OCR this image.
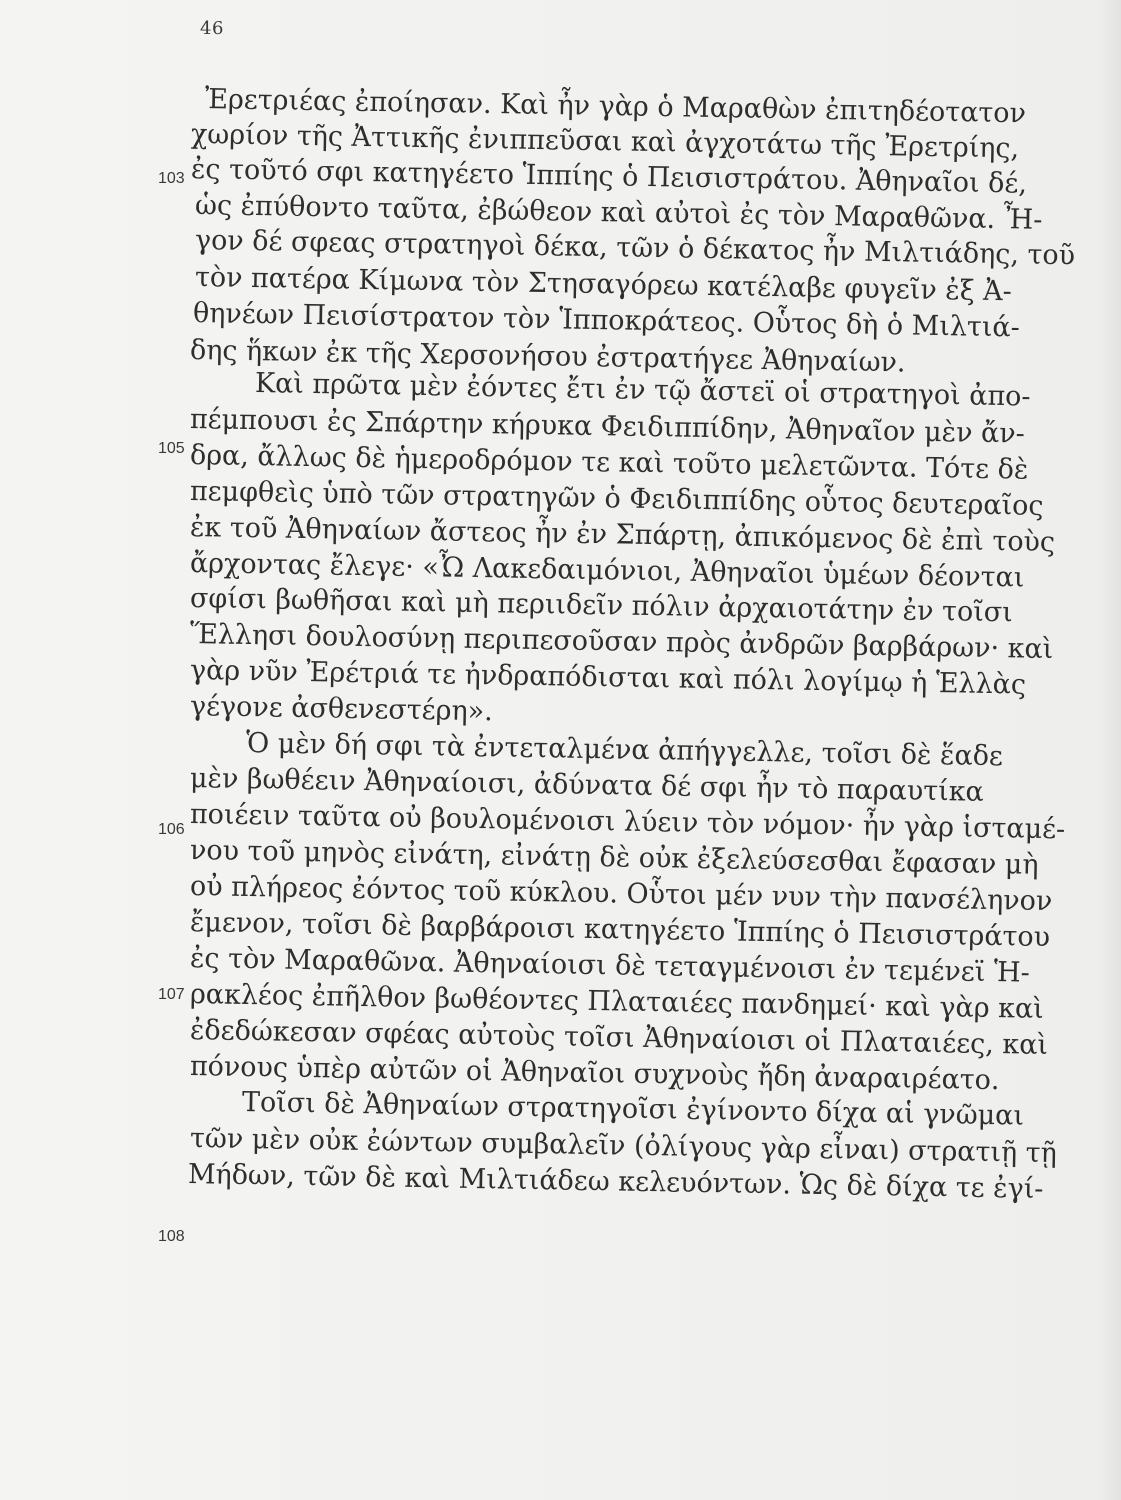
46
103
105
106
107
108
Ἐρετριέας ἐποίησαν. Καὶ ἦν γὰρ ὁ Μαραθὼν ἐπιτηδέοτατον
χωρίον τῆς Ἀττικῆς ἐνιππεῦσαι καὶ ἀγχοτάτω τῆς Ἐρετρίης,
ἐς τοῦτό σφι κατηγέετο Ἱππίης ὁ Πεισιστράτου. Ἀθηναῖοι δέ,
ὡς ἐπύθοντο ταῦτα, ἐβώθεον καὶ αὐτοὶ ἐς τὸν Μαραθῶνα. Ἦ-
γον δέ σφεας στρατηγοὶ δέκα, τῶν ὁ δέκατος ἦν Μιλτιάδης, τοῦ
τὸν πατέρα Κίμωνα τὸν Στησαγόρεω κατέλαβε φυγεῖν ἐξ Ἀ-
θηνέων Πεισίστρατον τὸν Ἱπποκράτεος. Οὗτος δὴ ὁ Μιλτιά-
δης ἥκων ἐκ τῆς Χερσονήσου ἐστρατήγεε Ἀθηναίων.
Καὶ πρῶτα μὲν ἐόντες ἔτι ἐν τῷ ἄστεϊ οἱ στρατηγοὶ ἀπο-
πέμπουσι ἐς Σπάρτην κήρυκα Φειδιππίδην, Ἀθηναῖον μὲν ἄν-
δρα, ἄλλως δὲ ἡμεροδρόμον τε καὶ τοῦτο μελετῶντα. Τότε δὲ
πεμφθεὶς ὑπὸ τῶν στρατηγῶν ὁ Φειδιππίδης οὗτος δευτεραῖος
ἐκ τοῦ Ἀθηναίων ἄστεος ἦν ἐν Σπάρτῃ, ἀπικόμενος δὲ ἐπὶ τοὺς
ἄρχοντας ἔλεγε· «Ὦ Λακεδαιμόνιοι, Ἀθηναῖοι ὑμέων δέονται
σφίσι βωθῆσαι καὶ μὴ περιιδεῖν πόλιν ἀρχαιοτάτην ἐν τοῖσι
Ἕλλησι δουλοσύνῃ περιπεσοῦσαν πρὸς ἀνδρῶν βαρβάρων· καὶ
γὰρ νῦν Ἐρέτριά τε ἠνδραπόδισται καὶ πόλι λογίμῳ ἡ Ἑλλὰς
γέγονε ἀσθενεστέρη».
Ὁ μὲν δή σφι τὰ ἐντεταλμένα ἀπήγγελλε, τοῖσι δὲ ἕαδε
μὲν βωθέειν Ἀθηναίοισι, ἀδύνατα δέ σφι ἦν τὸ παραυτίκα
ποιέειν ταῦτα οὐ βουλομένοισι λύειν τὸν νόμον· ἦν γὰρ ἱσταμέ-
νου τοῦ μηνὸς εἰνάτη, εἰνάτῃ δὲ οὐκ ἐξελεύσεσθαι ἔφασαν μὴ
οὐ πλήρεος ἐόντος τοῦ κύκλου. Οὗτοι μέν νυν τὴν πανσέληνον
ἔμενον, τοῖσι δὲ βαρβάροισι κατηγέετο Ἱππίης ὁ Πεισιστράτου
ἐς τὸν Μαραθῶνα. Ἀθηναίοισι δὲ τεταγμένοισι ἐν τεμένεϊ Ἡ-
ρακλέος ἐπῆλθον βωθέοντες Πλαταιέες πανδημεί· καὶ γὰρ καὶ
ἐδεδώκεσαν σφέας αὐτοὺς τοῖσι Ἀθηναίοισι οἱ Πλαταιέες, καὶ
πόνους ὑπὲρ αὐτῶν οἱ Ἀθηναῖοι συχνοὺς ἤδη ἀναραιρέατο.
Τοῖσι δὲ Ἀθηναίων στρατηγοῖσι ἐγίνοντο δίχα αἱ γνῶμαι
τῶν μὲν οὐκ ἐώντων συμβαλεῖν (ὀλίγους γὰρ εἶναι) στρατιῇ τῇ
Μήδων, τῶν δὲ καὶ Μιλτιάδεω κελευόντων. Ὡς δὲ δίχα τε ἐγί-
